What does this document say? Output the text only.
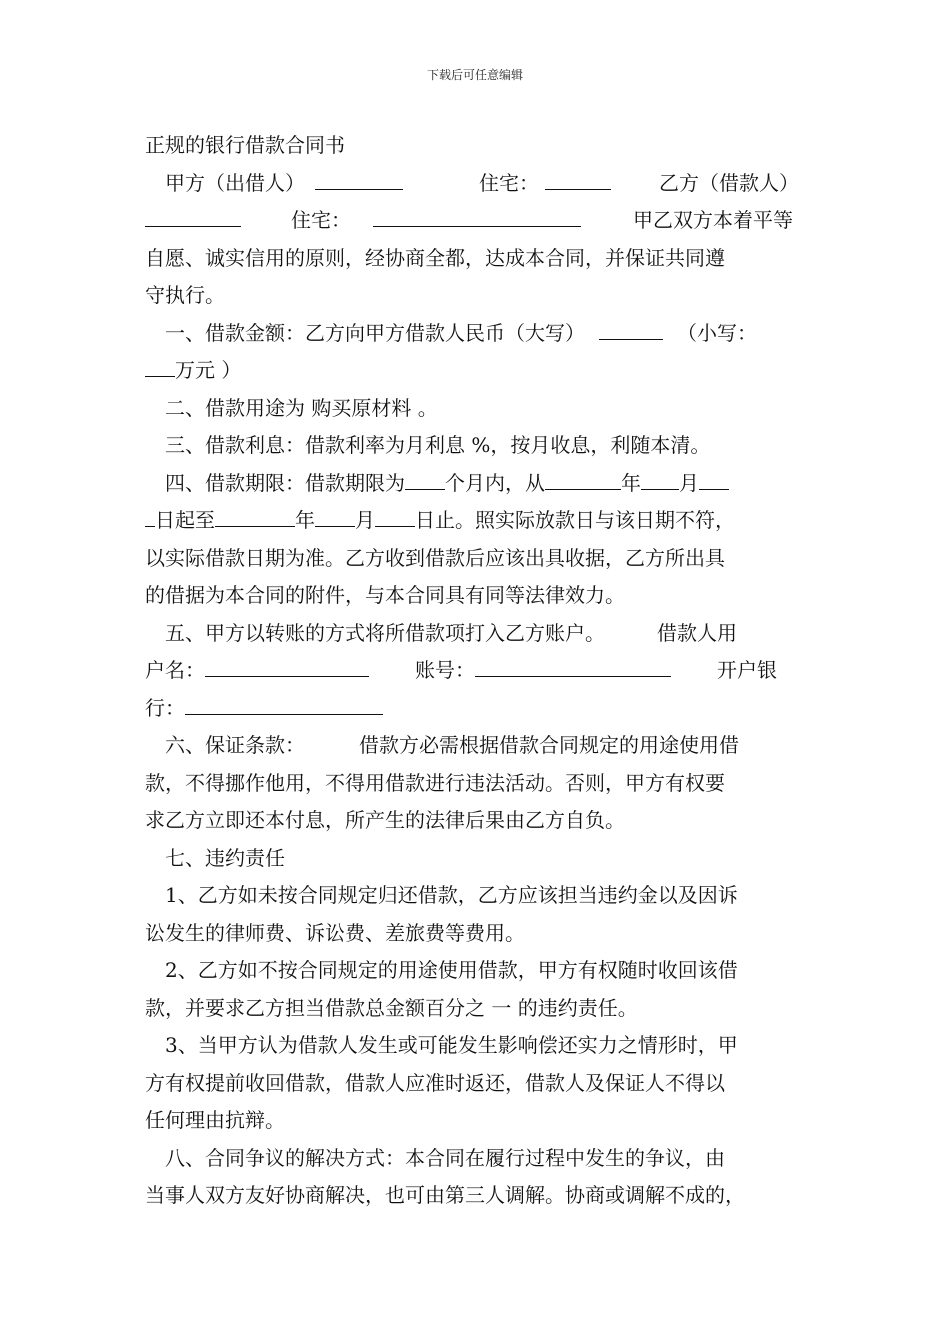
下载后可任意编辑
正规的银行借款合同书
甲方（出借人）	住宅：	乙方（借款人）
住宅：	甲乙双方本着平等
自愿、诚实信用的原则，经协商全都，达成本合同，并保证共同遵
守执行。
一、借款金额：乙方向甲方借款人民币（大写）	（小写：
万元 ）
二、借款用途为 购买原材料 。
三、借款利息：借款利率为月利息 %，按月收息，利随本清。
四、借款期限：借款期限为 个月内，从	年 月
日起至	年 月 日止。照实际放款日与该日期不符，
以实际借款日期为准。乙方收到借款后应该出具收据，乙方所出具
的借据为本合同的附件，与本合同具有同等法律效力。
五、甲方以转账的方式将所借款项打入乙方账户。	借款人用
户名：	账号：	开户银
行：
六、保证条款：	借款方必需根据借款合同规定的用途使用借
款，不得挪作他用，不得用借款进行违法活动。否则，甲方有权要
求乙方立即还本付息，所产生的法律后果由乙方自负。
七、违约责任
1、乙方如未按合同规定归还借款，乙方应该担当违约金以及因诉
讼发生的律师费、诉讼费、差旅费等费用。
2、乙方如不按合同规定的用途使用借款，甲方有权随时收回该借
款，并要求乙方担当借款总金额百分之 一 的违约责任。
3、当甲方认为借款人发生或可能发生影响偿还实力之情形时，甲
方有权提前收回借款，借款人应准时返还，借款人及保证人不得以
任何理由抗辩。
八、合同争议的解决方式：本合同在履行过程中发生的争议，由
当事人双方友好协商解决，也可由第三人调解。协商或调解不成的，
